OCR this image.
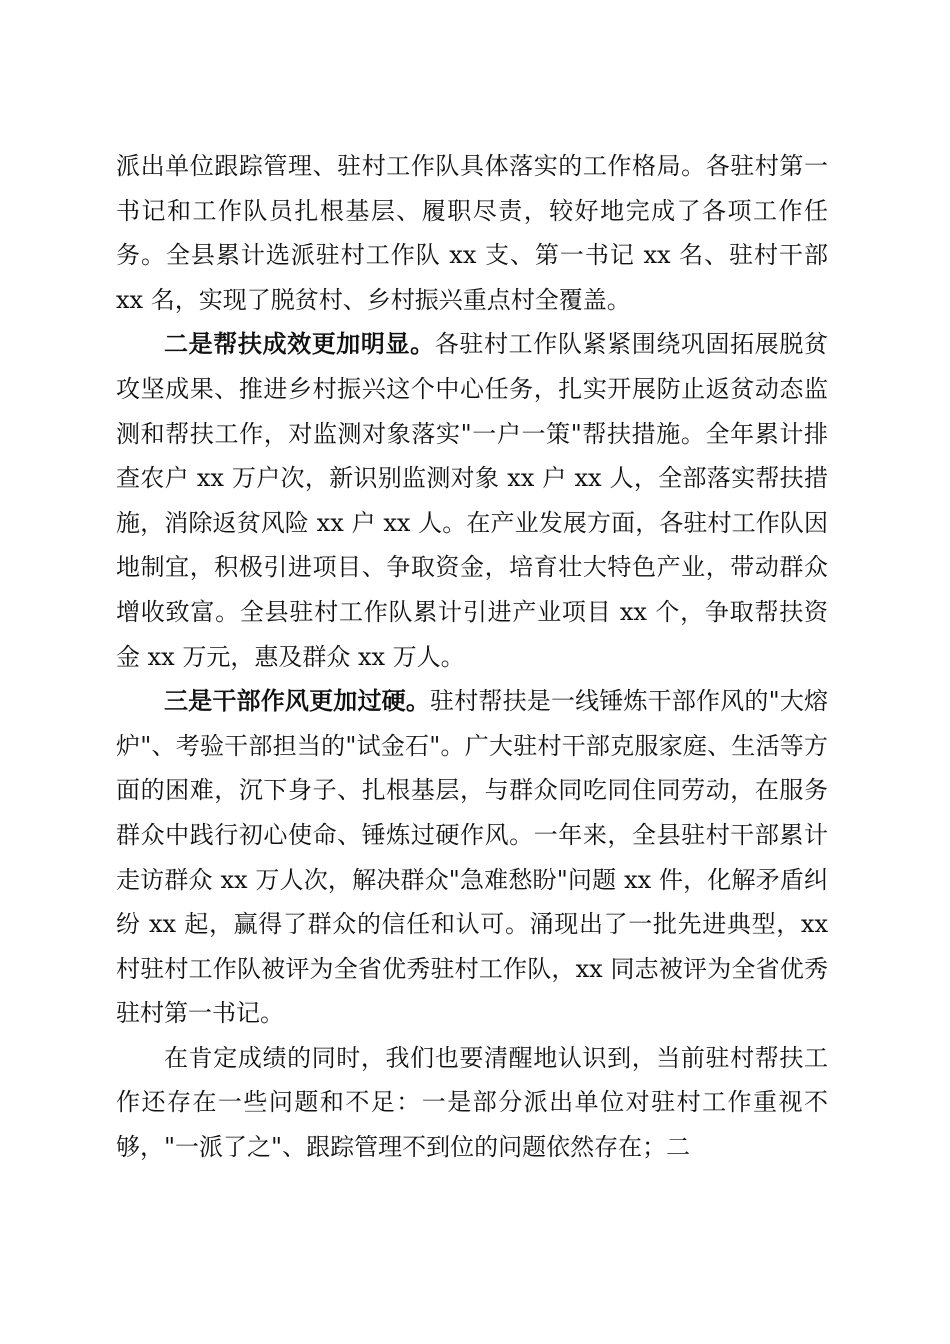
派出单位跟踪管理、驻村工作队具体落实的工作格局。各驻村第一书记和工作队员扎根基层、履职尽责，较好地完成了各项工作任务。全县累计选派驻村工作队 xx 支、第一书记 xx 名、驻村干部 xx 名，实现了脱贫村、乡村振兴重点村全覆盖。

二是帮扶成效更加明显。各驻村工作队紧紧围绕巩固拓展脱贫攻坚成果、推进乡村振兴这个中心任务，扎实开展防止返贫动态监测和帮扶工作，对监测对象落实"一户一策"帮扶措施。全年累计排查农户 xx 万户次，新识别监测对象 xx 户 xx 人，全部落实帮扶措施，消除返贫风险 xx 户 xx 人。在产业发展方面，各驻村工作队因地制宜，积极引进项目、争取资金，培育壮大特色产业，带动群众增收致富。全县驻村工作队累计引进产业项目 xx 个，争取帮扶资金 xx 万元，惠及群众 xx 万人。

三是干部作风更加过硬。驻村帮扶是一线锤炼干部作风的"大熔炉"、考验干部担当的"试金石"。广大驻村干部克服家庭、生活等方面的困难，沉下身子、扎根基层，与群众同吃同住同劳动，在服务群众中践行初心使命、锤炼过硬作风。一年来，全县驻村干部累计走访群众 xx 万人次，解决群众"急难愁盼"问题 xx 件，化解矛盾纠纷 xx 起，赢得了群众的信任和认可。涌现出了一批先进典型，xx 村驻村工作队被评为全省优秀驻村工作队，xx 同志被评为全省优秀驻村第一书记。

在肯定成绩的同时，我们也要清醒地认识到，当前驻村帮扶工作还存在一些问题和不足：一是部分派出单位对驻村工作重视不够，"一派了之"、跟踪管理不到位的问题依然存在；二
